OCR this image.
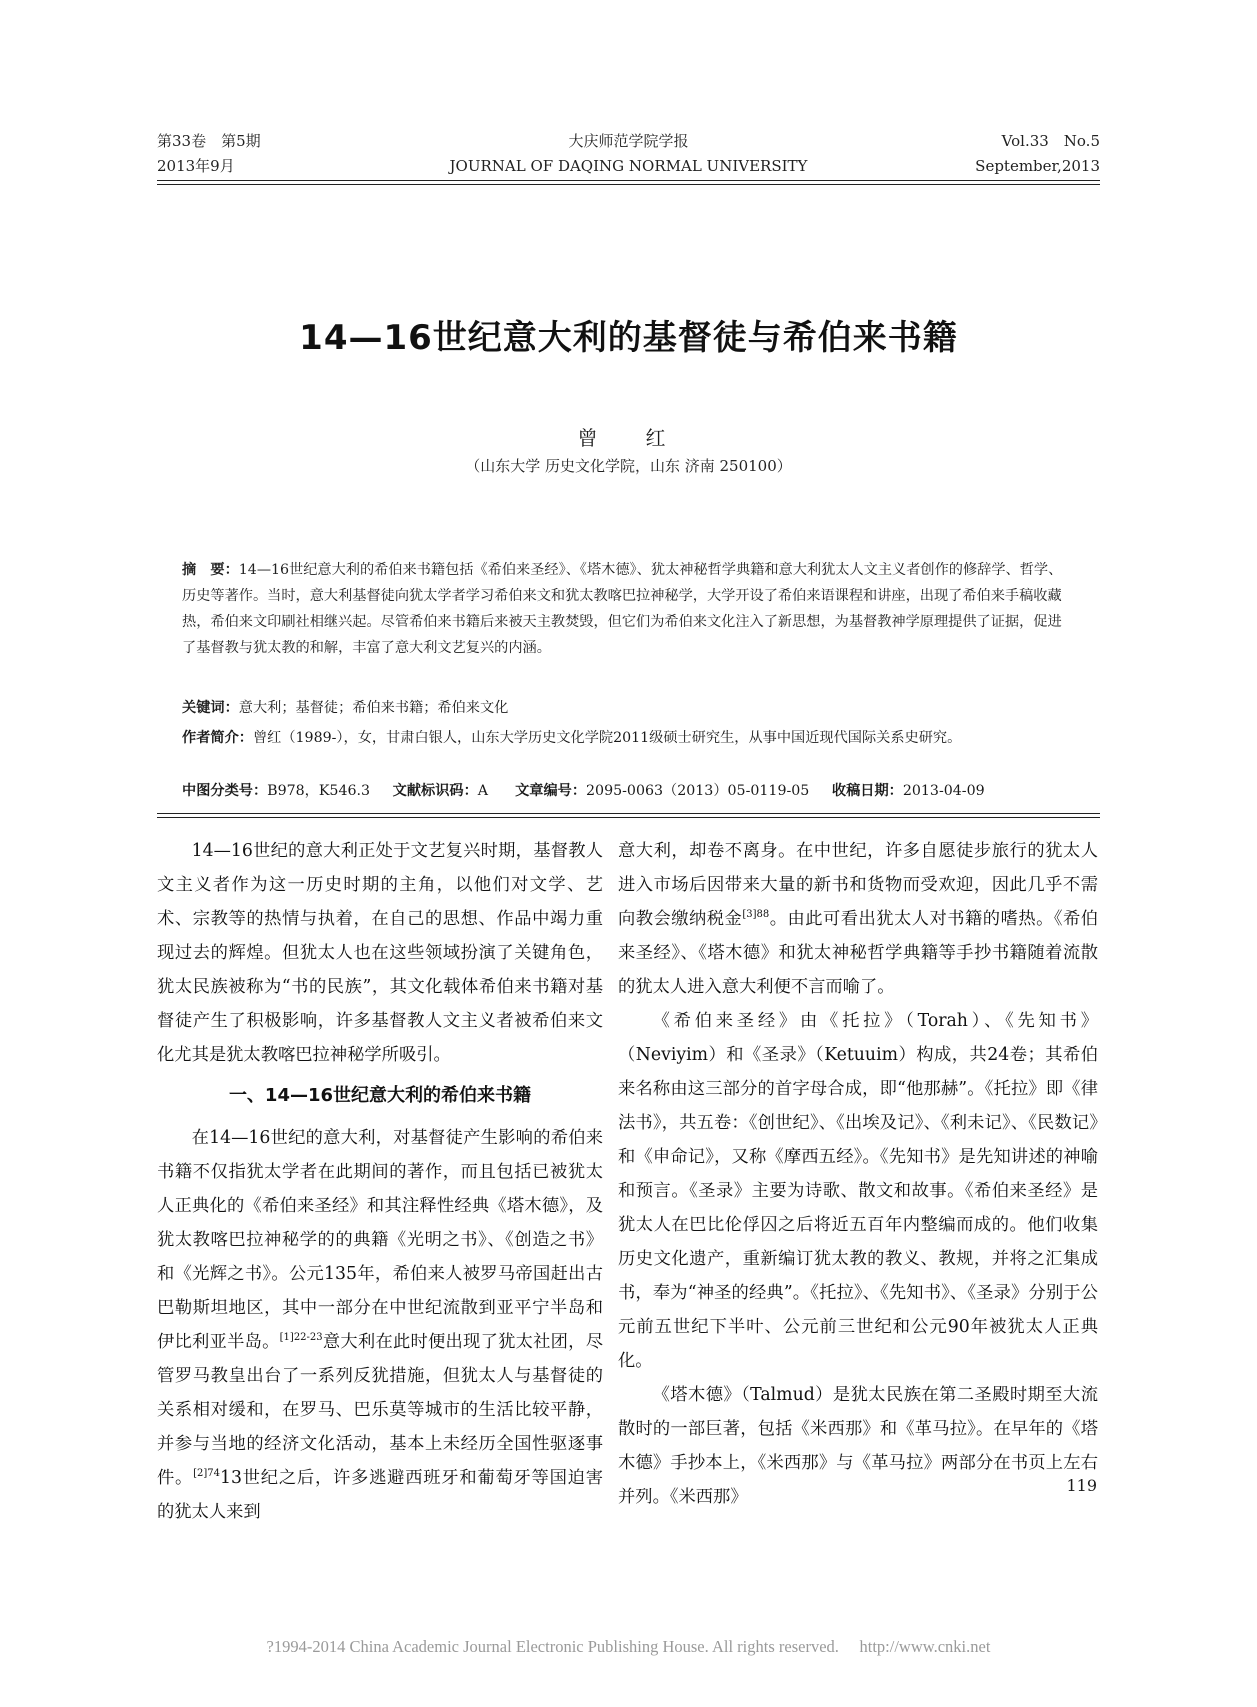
第33卷　第5期	大庆师范学院学报	Vol.33　No.5
2013年9月	JOURNAL OF DAQING NORMAL UNIVERSITY	September,2013
14—16世纪意大利的基督徒与希伯来书籍
曾　红
（山东大学 历史文化学院，山东 济南 250100）
摘　要：14—16世纪意大利的希伯来书籍包括《希伯来圣经》、《塔木德》、犹太神秘哲学典籍和意大利犹太人文主义者创作的修辞学、哲学、历史等著作。当时，意大利基督徒向犹太学者学习希伯来文和犹太教喀巴拉神秘学，大学开设了希伯来语课程和讲座，出现了希伯来手稿收藏热，希伯来文印刷社相继兴起。尽管希伯来书籍后来被天主教焚毁，但它们为希伯来文化注入了新思想，为基督教神学原理提供了证据，促进了基督教与犹太教的和解，丰富了意大利文艺复兴的内涵。
关键词：意大利；基督徒；希伯来书籍；希伯来文化
作者简介：曾红（1989-），女，甘肃白银人，山东大学历史文化学院2011级硕士研究生，从事中国近现代国际关系史研究。
中图分类号：B978，K546.3 文献标识码：A 文章编号：2095-0063（2013）05-0119-05 收稿日期：2013-04-09

14—16世纪的意大利正处于文艺复兴时期，基督教人文主义者作为这一历史时期的主角，以他们对文学、艺术、宗教等的热情与执着，在自己的思想、作品中竭力重现过去的辉煌。但犹太人也在这些领域扮演了关键角色，犹太民族被称为“书的民族”，其文化载体希伯来书籍对基督徒产生了积极影响，许多基督教人文主义者被希伯来文化尤其是犹太教喀巴拉神秘学所吸引。

一、14—16世纪意大利的希伯来书籍

在14—16世纪的意大利，对基督徒产生影响的希伯来书籍不仅指犹太学者在此期间的著作，而且包括已被犹太人正典化的《希伯来圣经》和其注释性经典《塔木德》，及犹太教喀巴拉神秘学的的典籍《光明之书》、《创造之书》和《光辉之书》。公元135年，希伯来人被罗马帝国赶出古巴勒斯坦地区，其中一部分在中世纪流散到亚平宁半岛和伊比利亚半岛。$^{[1]22-23}$意大利在此时便出现了犹太社团，尽管罗马教皇出台了一系列反犹措施，但犹太人与基督徒的关系相对缓和，在罗马、巴乐莫等城市的生活比较平静，并参与当地的经济文化活动，基本上未经历全国性驱逐事件。$^{[2]74}$13世纪之后，许多逃避西班牙和葡萄牙等国迫害的犹太人来到

意大利，却卷不离身。在中世纪，许多自愿徒步旅行的犹太人进入市场后因带来大量的新书和货物而受欢迎，因此几乎不需向教会缴纳税金$^{[3]88}$。由此可看出犹太人对书籍的嗜热。《希伯来圣经》、《塔木德》和犹太神秘哲学典籍等手抄书籍随着流散的犹太人进入意大利便不言而喻了。

《希伯来圣经》由《托拉》（Torah）、《先知书》（Neviyim）和《圣录》（Ketuuim）构成，共24卷；其希伯来名称由这三部分的首字母合成，即“他那赫”。《托拉》即《律法书》，共五卷：《创世纪》、《出埃及记》、《利未记》、《民数记》和《申命记》，又称《摩西五经》。《先知书》是先知讲述的神喻和预言。《圣录》主要为诗歌、散文和故事。《希伯来圣经》是犹太人在巴比伦俘囚之后将近五百年内整编而成的。他们收集历史文化遗产，重新编订犹太教的教义、教规，并将之汇集成书，奉为“神圣的经典”。《托拉》、《先知书》、《圣录》分别于公元前五世纪下半叶、公元前三世纪和公元90年被犹太人正典化。

《塔木德》（Talmud）是犹太民族在第二圣殿时期至大流散时的一部巨著，包括《米西那》和《革马拉》。在早年的《塔木德》手抄本上，《米西那》与《革马拉》两部分在书页上左右并列。《米西那》

119
?1994-2014 China Academic Journal Electronic Publishing House. All rights reserved.　 http://www.cnki.net
